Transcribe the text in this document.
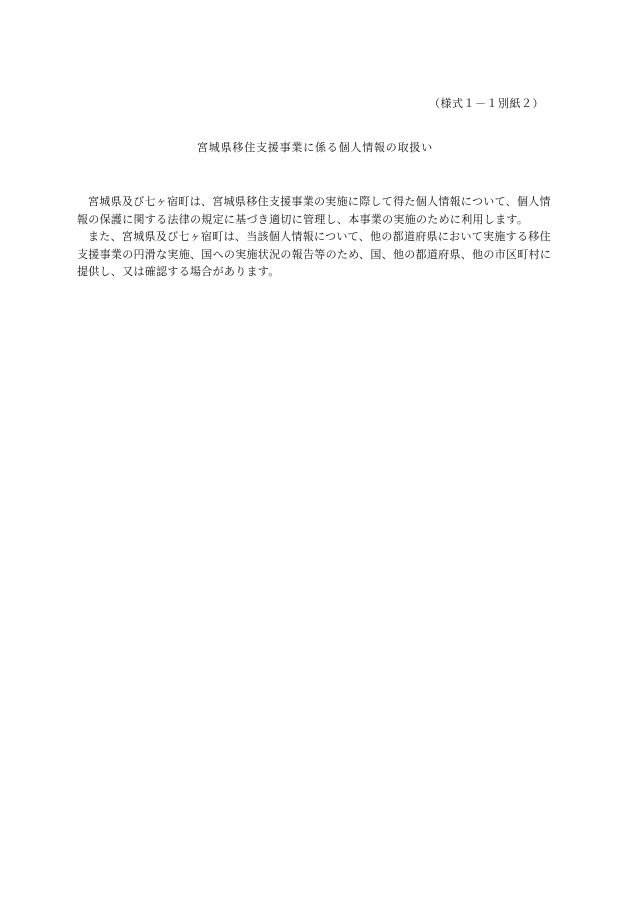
（様式１－１別紙２）
宮城県移住支援事業に係る個人情報の取扱い

宮城県及び七ヶ宿町は、宮城県移住支援事業の実施に際して得た個人情報について、個人情報の保護に関する法律の規定に基づき適切に管理し、本事業の実施のために利用します。

また、宮城県及び七ヶ宿町は、当該個人情報について、他の都道府県において実施する移住支援事業の円滑な実施、国への実施状況の報告等のため、国、他の都道府県、他の市区町村に提供し、又は確認する場合があります。
